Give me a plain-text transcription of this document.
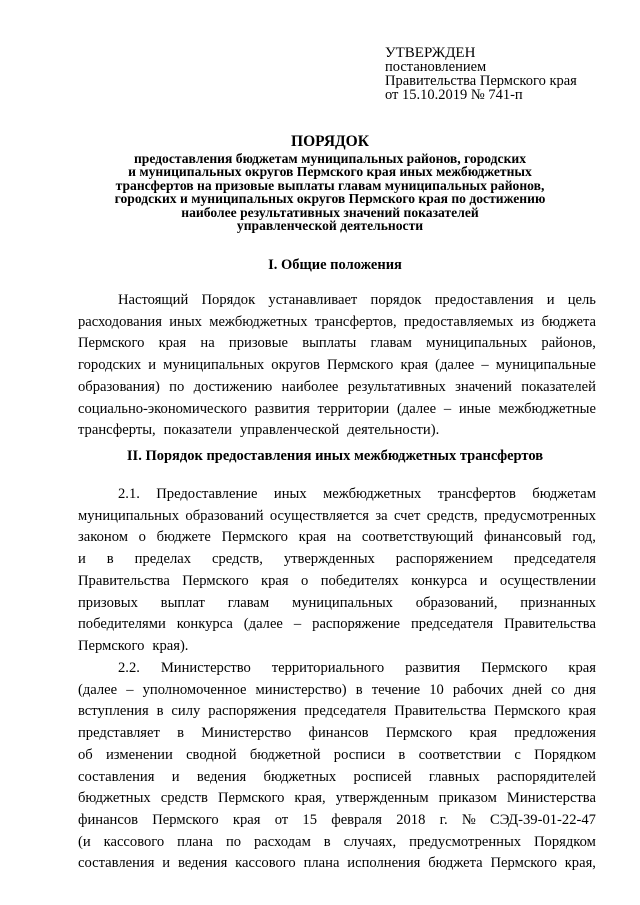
УТВЕРЖДЕН
постановлением
Правительства Пермского края
от 15.10.2019 № 741-п
ПОРЯДОК
предоставления бюджетам муниципальных районов, городских
и муниципальных округов Пермского края иных межбюджетных
трансфертов на призовые выплаты главам муниципальных районов,
городских и муниципальных округов Пермского края по достижению
наиболее результативных значений показателей
управленческой деятельности
I. Общие положения
Настоящий Порядок устанавливает порядок предоставления и цель
расходования иных межбюджетных трансфертов, предоставляемых из бюджета
Пермского края на призовые выплаты главам муниципальных районов,
городских и муниципальных округов Пермского края (далее – муниципальные
образования) по достижению наиболее результативных значений показателей
социально-экономического развития территории (далее – иные межбюджетные
трансферты, показатели управленческой деятельности).
II. Порядок предоставления иных межбюджетных трансфертов
2.1. Предоставление иных межбюджетных трансфертов бюджетам
муниципальных образований осуществляется за счет средств, предусмотренных
законом о бюджете Пермского края на соответствующий финансовый год,
и в пределах средств, утвержденных распоряжением председателя
Правительства Пермского края о победителях конкурса и осуществлении
призовых выплат главам муниципальных образований, признанных
победителями конкурса (далее – распоряжение председателя Правительства
Пермского края).
2.2. Министерство территориального развития Пермского края
(далее – уполномоченное министерство) в течение 10 рабочих дней со дня
вступления в силу распоряжения председателя Правительства Пермского края
представляет в Министерство финансов Пермского края предложения
об изменении сводной бюджетной росписи в соответствии с Порядком
составления и ведения бюджетных росписей главных распорядителей
бюджетных средств Пермского края, утвержденным приказом Министерства
финансов Пермского края от 15 февраля 2018 г. № СЭД-39-01-22-47
(и кассового плана по расходам в случаях, предусмотренных Порядком
составления и ведения кассового плана исполнения бюджета Пермского края,
